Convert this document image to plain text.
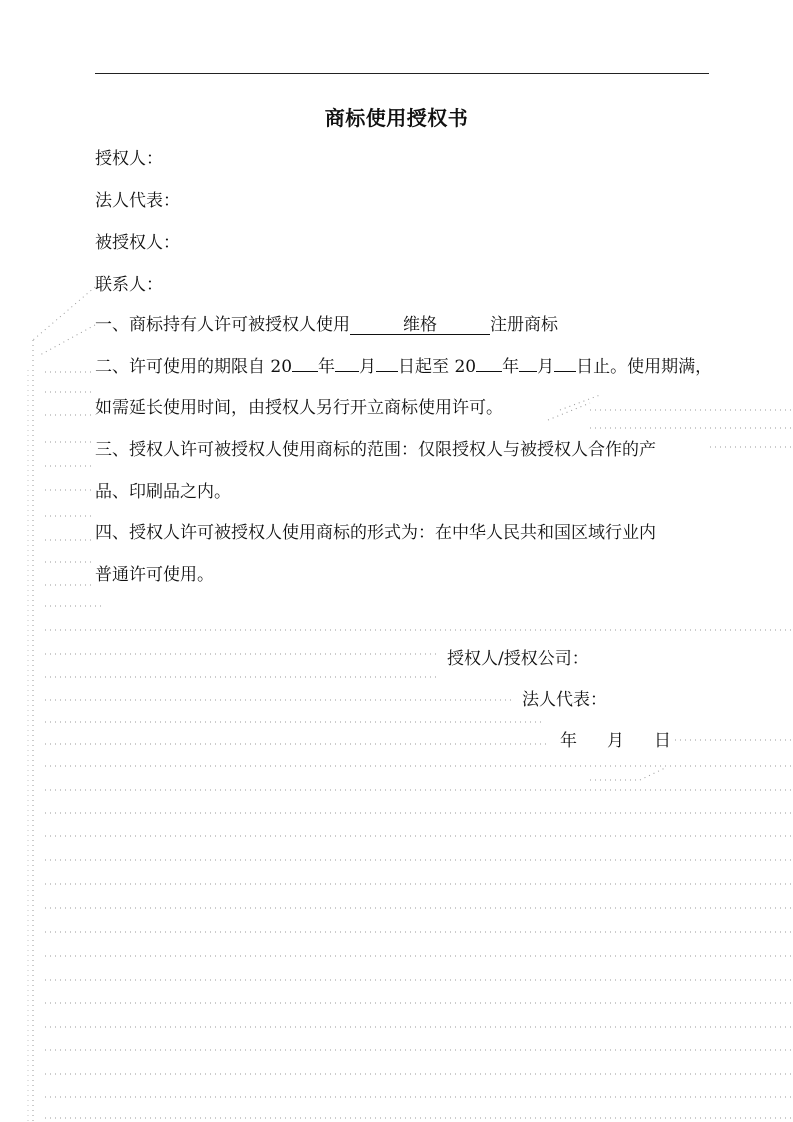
商标使用授权书
授权人：
法人代表：
被授权人：
联系人：
一、商标持有人许可被授权人使用	维格	注册商标
二、许可使用的期限自 20 年 月 日起至 20 年 月 日止。使用期满，
如需延长使用时间，由授权人另行开立商标使用许可。
三、授权人许可被授权人使用商标的范围：仅限授权人与被授权人合作的产
品、印刷品之内。
四、授权人许可被授权人使用商标的形式为：在中华人民共和国区域行业内
普通许可使用。
授权人/授权公司：
法人代表：
年 月 日
